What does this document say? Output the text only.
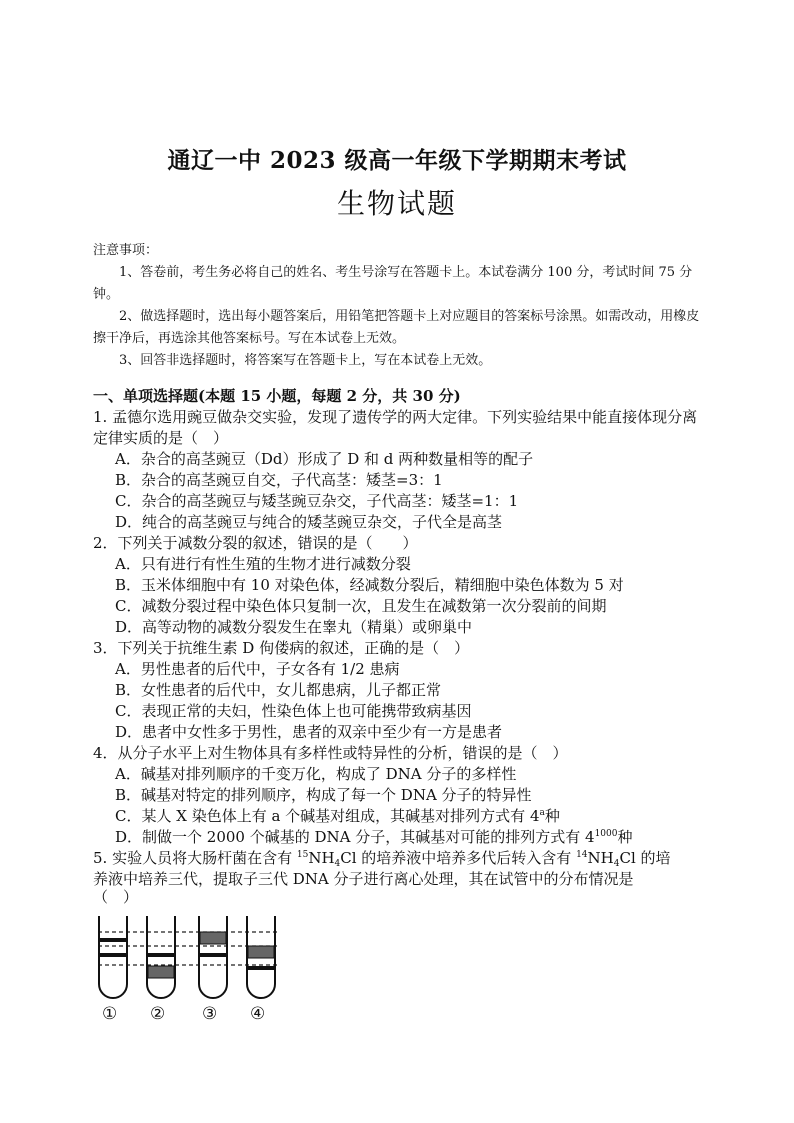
通辽一中 2023 级高一年级下学期期末考试
生物试题
注意事项：
1、答卷前，考生务必将自己的姓名、考生号涂写在答题卡上。本试卷满分 100 分，考试时间 75 分钟。
2、做选择题时，选出每小题答案后，用铅笔把答题卡上对应题目的答案标号涂黑。如需改动，用橡皮擦干净后，再选涂其他答案标号。写在本试卷上无效。
3、回答非选择题时，将答案写在答题卡上，写在本试卷上无效。
一、单项选择题(本题 15 小题，每题 2 分，共 30 分)
1. 孟德尔选用豌豆做杂交实验，发现了遗传学的两大定律。下列实验结果中能直接体现分离定律实质的是（　）
A．杂合的高茎豌豆（Dd）形成了 D 和 d 两种数量相等的配子
B．杂合的高茎豌豆自交，子代高茎：矮茎=3：1
C．杂合的高茎豌豆与矮茎豌豆杂交，子代高茎：矮茎=1：1
D．纯合的高茎豌豆与纯合的矮茎豌豆杂交，子代全是高茎
2．下列关于减数分裂的叙述，错误的是（　　）
A．只有进行有性生殖的生物才进行减数分裂
B．玉米体细胞中有 10 对染色体，经减数分裂后，精细胞中染色体数为 5 对
C．减数分裂过程中染色体只复制一次，且发生在减数第一次分裂前的间期
D．高等动物的减数分裂发生在睾丸（精巢）或卵巢中
3．下列关于抗维生素 D 佝偻病的叙述，正确的是（　）
A．男性患者的后代中，子女各有 1/2 患病
B．女性患者的后代中，女儿都患病，儿子都正常
C．表现正常的夫妇，性染色体上也可能携带致病基因
D．患者中女性多于男性，患者的双亲中至少有一方是患者
4．从分子水平上对生物体具有多样性或特异性的分析，错误的是（　）
A．碱基对排列顺序的千变万化，构成了 DNA 分子的多样性
B．碱基对特定的排列顺序，构成了每一个 DNA 分子的特异性
C．某人 X 染色体上有 a 个碱基对组成，其碱基对排列方式有 4$^a$种
D．制做一个 2000 个碱基的 DNA 分子，其碱基对可能的排列方式有 $4^{1000}$种
5. 实验人员将大肠杆菌在含有 $^{15}NH_4Cl$ 的培养液中培养多代后转入含有 $^{14}NH_4Cl$ 的培
养液中培养三代，提取子三代 DNA 分子进行离心处理，其在试管中的分布情况是
（　）
① ② ③ ④
